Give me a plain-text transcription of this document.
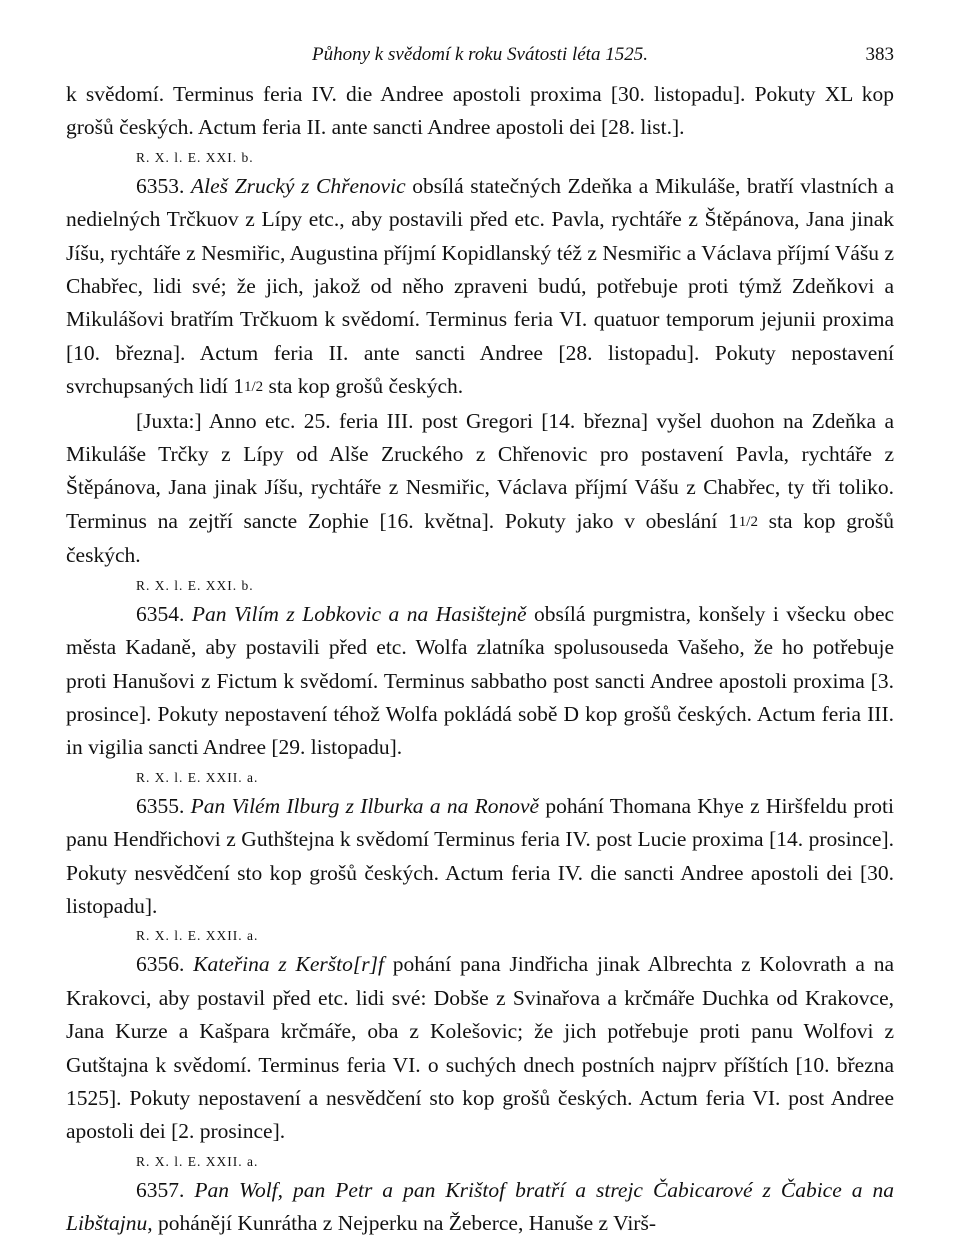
Půhony k svědomí k roku Svátosti léta 1525.	383

k svědomí. Terminus feria IV. die Andree apostoli proxima [30. listopadu]. Pokuty XL kop grošů českých. Actum feria II. ante sancti Andree apostoli dei [28. list.].

R. X. l. E. XXI. b.

6353. Aleš Zrucký z Chřenovic obsílá statečných Zdeňka a Mikuláše, bratří vlastních a nedielných Trčkuov z Lípy etc., aby postavili před etc. Pavla, rychtáře z Štěpánova, Jana jinak Jíšu, rychtáře z Nesmiřic, Augustina příjmí Kopidlanský též z Nesmiřic a Václava příjmí Vášu z Chabřec, lidi své; že jich, jakož od něho zpraveni budú, potřebuje proti týmž Zdeňkovi a Mikulášovi bratřím Trčkuom k svědomí. Terminus feria VI. quatuor temporum jejunii proxima [10. března]. Actum feria II. ante sancti Andree [28. listopadu]. Pokuty nepostavení svrchupsaných lidí 11/2 sta kop grošů českých.

[Juxta:] Anno etc. 25. feria III. post Gregori [14. března] vyšel duohon na Zdeňka a Mikuláše Trčky z Lípy od Alše Zruckého z Chřenovic pro postavení Pavla, rychtáře z Štěpánova, Jana jinak Jíšu, rychtáře z Nesmiřic, Václava příjmí Vášu z Chabřec, ty tři toliko. Terminus na zejtří sancte Zophie [16. května]. Pokuty jako v obeslání 11/2 sta kop grošů českých.

R. X. l. E. XXI. b.

6354. Pan Vilím z Lobkovic a na Hasištejně obsílá purgmistra, konšely i všecku obec města Kadaně, aby postavili před etc. Wolfa zlatníka spolusouseda Vašeho, že ho potřebuje proti Hanušovi z Fictum k svědomí. Terminus sabbatho post sancti Andree apostoli proxima [3. prosince]. Pokuty nepostavení téhož Wolfa pokládá sobě D kop grošů českých. Actum feria III. in vigilia sancti Andree [29. listopadu].

R. X. l. E. XXII. a.

6355. Pan Vilém Ilburg z Ilburka a na Ronově pohání Thomana Khye z Hiršfeldu proti panu Hendřichovi z Guthštejna k svědomí Terminus feria IV. post Lucie proxima [14. prosince]. Pokuty nesvědčení sto kop grošů českých. Actum feria IV. die sancti Andree apostoli dei [30. listopadu].

R. X. l. E. XXII. a.

6356. Kateřina z Keršto[r]f pohání pana Jindřicha jinak Albrechta z Kolovrath a na Krakovci, aby postavil před etc. lidi své: Dobše z Svinařova a krčmáře Duchka od Krakovce, Jana Kurze a Kašpara krčmáře, oba z Kolešovic; že jich potřebuje proti panu Wolfovi z Gutštajna k svědomí. Terminus feria VI. o suchých dnech postních najprv příštích [10. března 1525]. Pokuty nepostavení a nesvědčení sto kop grošů českých. Actum feria VI. post Andree apostoli dei [2. prosince].

R. X. l. E. XXII. a.

6357. Pan Wolf, pan Petr a pan Krištof bratří a strejc Čabicarové z Čabice a na Libštajnu, pohánějí Kunrátha z Nejperku na Žeberce, Hanuše z Virš-
